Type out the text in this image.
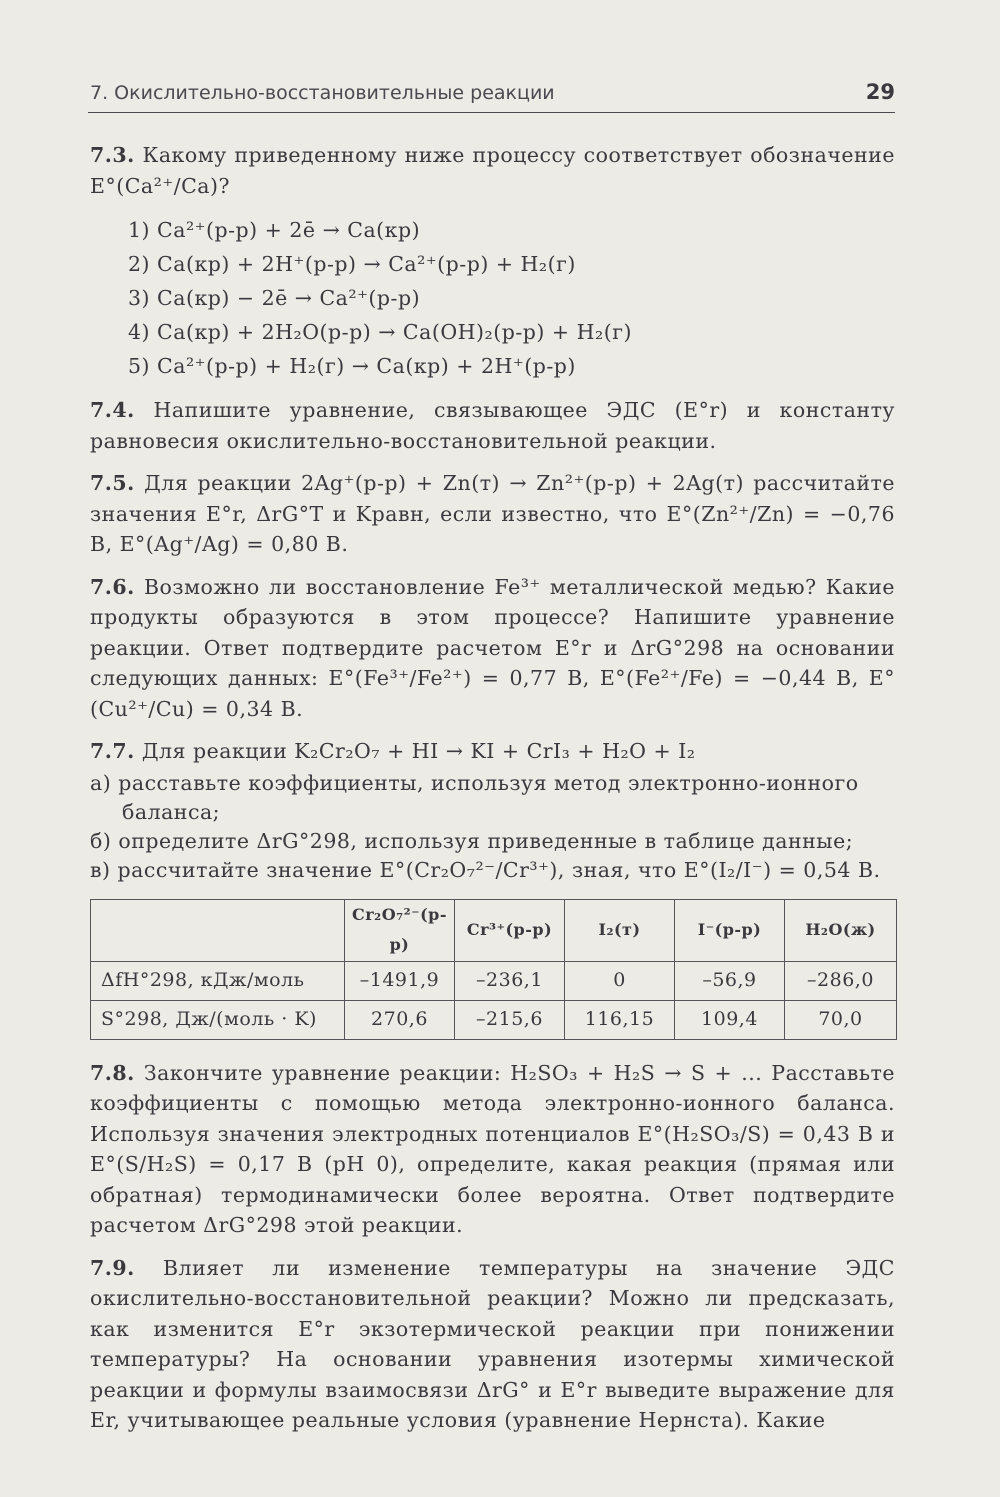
7. Окислительно-восстановительные реакции	29

7.3. Какому приведенному ниже процессу соответствует обозначение E°(Ca²⁺/Ca)?

1) Ca²⁺(р-р) + 2ē → Ca(кр)
2) Ca(кр) + 2H⁺(р-р) → Ca²⁺(р-р) + H₂(г)
3) Ca(кр) − 2ē → Ca²⁺(р-р)
4) Ca(кр) + 2H₂O(р-р) → Ca(OH)₂(р-р) + H₂(г)
5) Ca²⁺(р-р) + H₂(г) → Ca(кр) + 2H⁺(р-р)

7.4. Напишите уравнение, связывающее ЭДС (E°r) и константу равновесия окислительно-восстановительной реакции.

7.5. Для реакции 2Ag⁺(р-р) + Zn(т) → Zn²⁺(р-р) + 2Ag(т) рассчитайте значения E°r, ΔrG°T и Kравн, если известно, что E°(Zn²⁺/Zn) = −0,76 В, E°(Ag⁺/Ag) = 0,80 В.

7.6. Возможно ли восстановление Fe³⁺ металлической медью? Какие продукты образуются в этом процессе? Напишите уравнение реакции. Ответ подтвердите расчетом E°r и ΔrG°298 на основании следующих данных: E°(Fe³⁺/Fe²⁺) = 0,77 В, E°(Fe²⁺/Fe) = −0,44 В, E°(Cu²⁺/Cu) = 0,34 В.

7.7. Для реакции K₂Cr₂O₇ + HI → KI + CrI₃ + H₂O + I₂

а) расставьте коэффициенты, используя метод электронно-ионного баланса;
б) определите ΔrG°298, используя приведенные в таблице данные;
в) рассчитайте значение E°(Cr₂O₇²⁻/Cr³⁺), зная, что E°(I₂/I⁻) = 0,54 В.
	Cr₂O₇²⁻(р-р)	Cr³⁺(р-р)	I₂(т)	I⁻(р-р)	H₂O(ж)
ΔfH°298, кДж/моль	–1491,9	–236,1	0	–56,9	–286,0
S°298, Дж/(моль · K)	270,6	–215,6	116,15	109,4	70,0

7.8. Закончите уравнение реакции: H₂SO₃ + H₂S → S + ... Расставьте коэффициенты с помощью метода электронно-ионного баланса. Используя значения электродных потенциалов E°(H₂SO₃/S) = 0,43 В и E°(S/H₂S) = 0,17 В (pH 0), определите, какая реакция (прямая или обратная) термодинамически более вероятна. Ответ подтвердите расчетом ΔrG°298 этой реакции.

7.9. Влияет ли изменение температуры на значение ЭДС окислительно-восстановительной реакции? Можно ли предсказать, как изменится E°r экзотермической реакции при понижении температуры? На основании уравнения изотермы химической реакции и формулы взаимосвязи ΔrG° и E°r выведите выражение для Er, учитывающее реальные условия (уравнение Нернста). Какие
